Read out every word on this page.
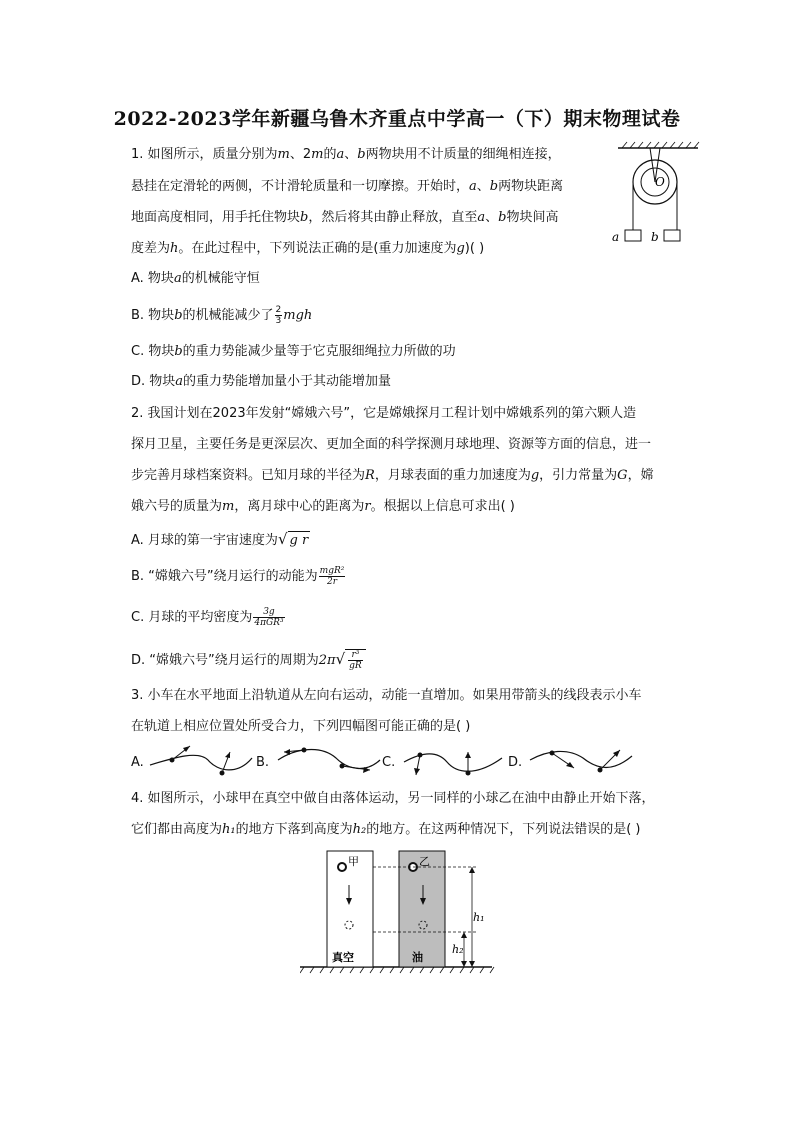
2022-2023学年新疆乌鲁木齐重点中学高一（下）期末物理试卷
1. 如图所示，质量分别为m、2m的a、b两物块用不计质量的细绳相连接，
悬挂在定滑轮的两侧，不计滑轮质量和一切摩擦。开始时，a、b两物块距离
地面高度相同，用手托住物块b，然后将其由静止释放，直至a、b物块间高
度差为h。在此过程中，下列说法正确的是(重力加速度为g)( )
A. 物块a的机械能守恒
B. 物块b的机械能减少了 $\frac{2}{3}$ mgh
C. 物块b的重力势能减少量等于它克服细绳拉力所做的功
D. 物块a的重力势能增加量小于其动能增加量
O
a	b
2. 我国计划在2023年发射“嫦娥六号”，它是嫦娥探月工程计划中嫦娥系列的第六颗人造
探月卫星，主要任务是更深层次、更加全面的科学探测月球地理、资源等方面的信息，进一
步完善月球档案资料。已知月球的半径为R，月球表面的重力加速度为g，引力常量为G，嫦
娥六号的质量为m，离月球中心的距离为r。根据以上信息可求出( )
A. 月球的第一宇宙速度为√ g r
B. “嫦娥六号”绕月运行的动能为 $\frac{\text{mgR²}}{2r}$
C. 月球的平均密度为 $\frac{3g}{\text{4πGR³}}$
D. “嫦娥六号”绕月运行的周期为$2\pi√ \frac{\text{r³}}{gR}$
3. 小车在水平地面上沿轨道从左向右运动，动能一直增加。如果用带箭头的线段表示小车
在轨道上相应位置处所受合力，下列四幅图可能正确的是( )
A.	B.	C.	D.
4. 如图所示，小球甲在真空中做自由落体运动，另一同样的小球乙在油中由静止开始下落，
它们都由高度为h₁的地方下落到高度为h₂的地方。在这两种情况下，下列说法错误的是( )
甲
真空
乙
油
h₁
h₂
